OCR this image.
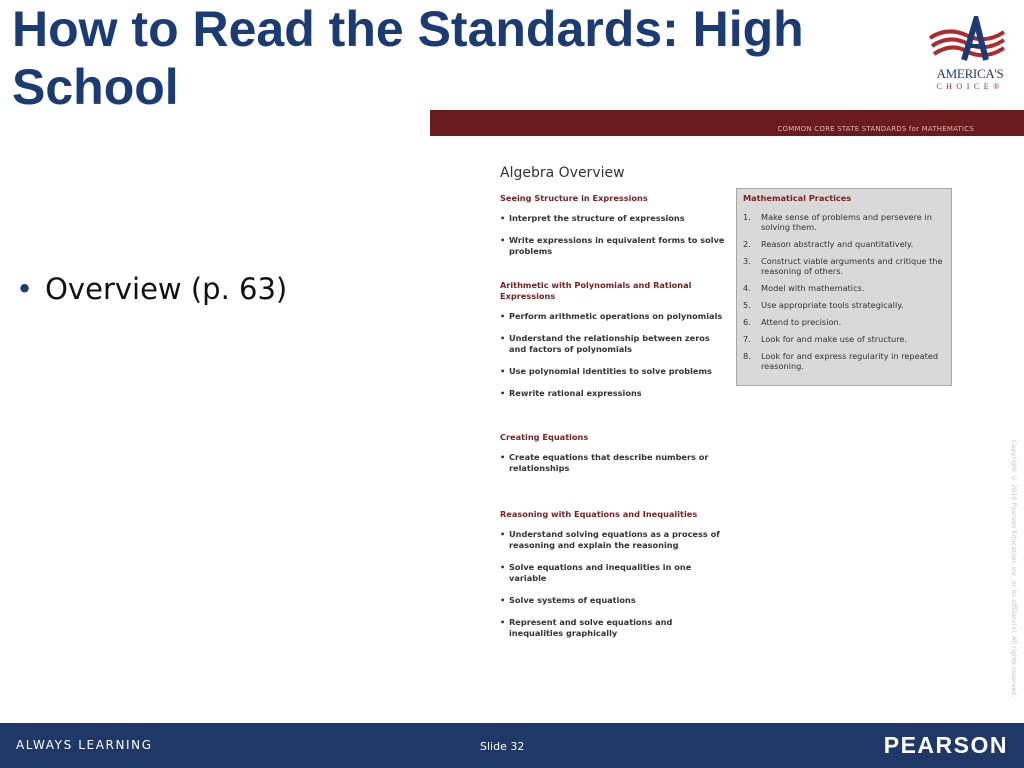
How to Read the Standards: High School	AMERICA'S
CHOICE®
• Overview (p. 63)
COMMON CORE STATE STANDARDS for MATHEMATICS
Algebra Overview
Seeing Structure in Expressions
• Interpret the structure of expressions
• Write expressions in equivalent forms to solve problems
Arithmetic with Polynomials and Rational Expressions
• Perform arithmetic operations on polynomials
• Understand the relationship between zeros and factors of polynomials
• Use polynomial identities to solve problems
• Rewrite rational expressions
Creating Equations
• Create equations that describe numbers or relationships
Reasoning with Equations and Inequalities
• Understand solving equations as a process of reasoning and explain the reasoning
• Solve equations and inequalities in one variable
• Solve systems of equations
• Represent and solve equations and inequalities graphically
Mathematical Practices
1. Make sense of problems and persevere in solving them.
2. Reason abstractly and quantitatively.
3. Construct viable arguments and critique the reasoning of others.
4. Model with mathematics.
5. Use appropriate tools strategically.
6. Attend to precision.
7. Look for and make use of structure.
8. Look for and express regularity in repeated reasoning.
Copyright © 2010 Pearson Education, Inc. or its affiliate(s). All rights reserved.
ALWAYS LEARNING	Slide 32	PEARSON
